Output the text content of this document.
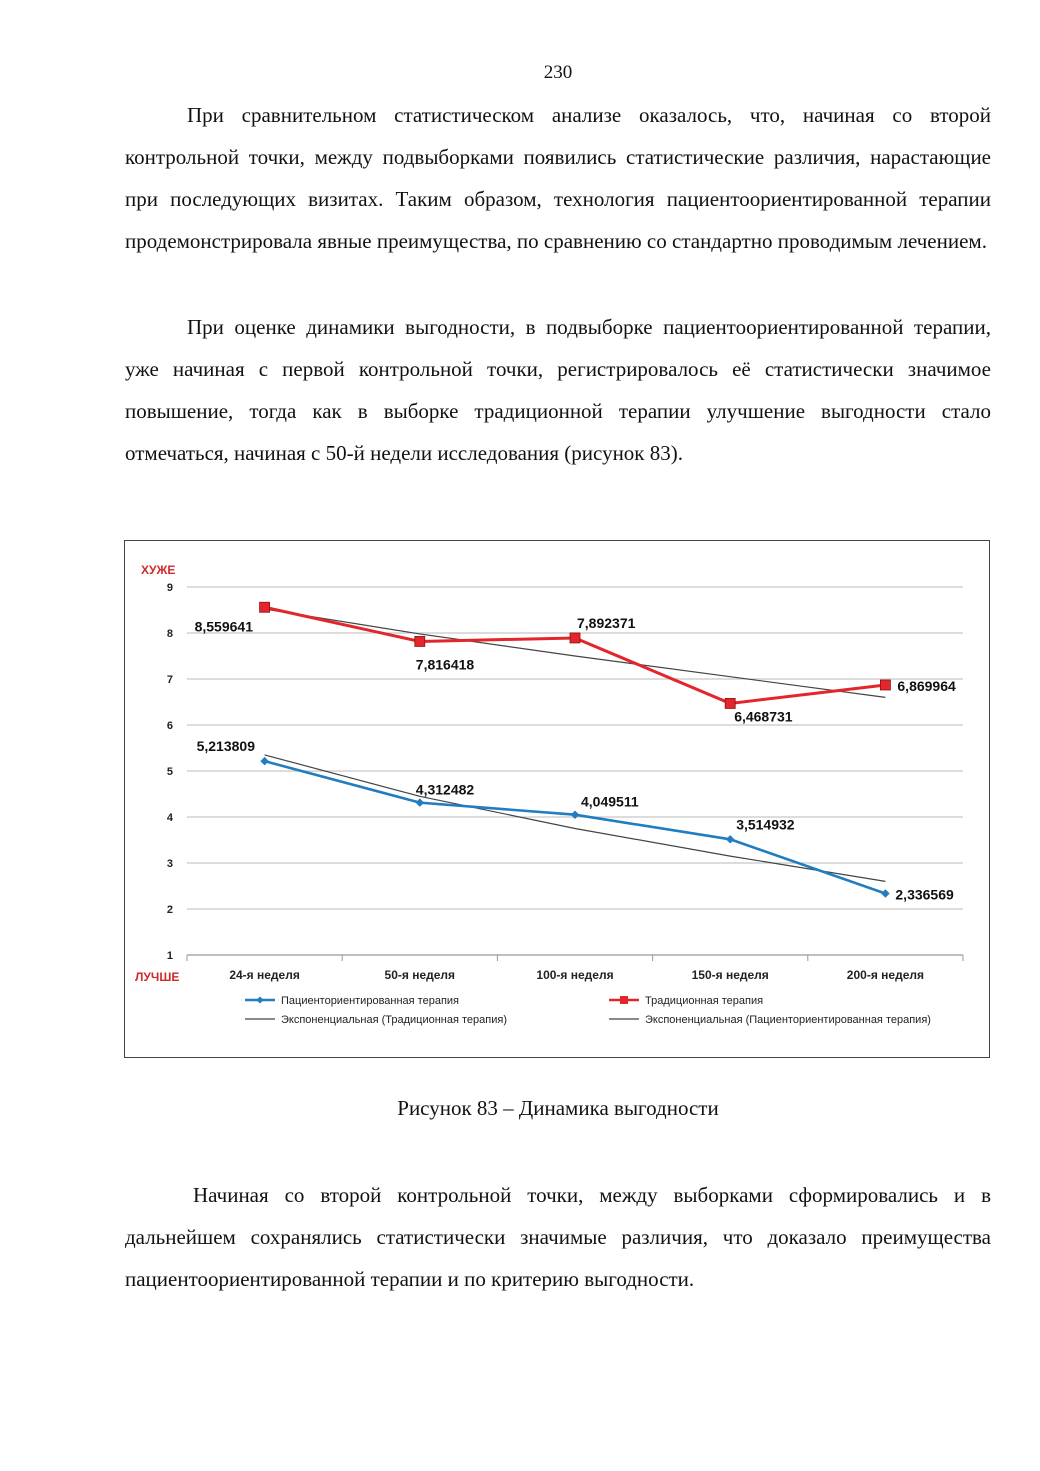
230

При сравнительном статистическом анализе оказалось, что, начиная со второй контрольной точки, между подвыборками появились статистические различия, нарастающие при последующих визитах. Таким образом, технология пациентоориентированной терапии продемонстрировала явные преимущества, по сравнению со стандартно проводимым лечением.

При оценке динамики выгодности, в подвыборке пациентоориентированной терапии, уже начиная с первой контрольной точки, регистрировалось её статистически значимое повышение, тогда как в выборке традиционной терапии улучшение выгодности стало отмечаться, начиная с 50-й недели исследования (рисунок 83).

1
2
3
4
5
6
7
8
9
24-я неделя	50-я неделя	100-я неделя	150-я неделя	200-я неделя
ХУЖЕ
ЛУЧШЕ
5,213809
4,312482
4,049511
3,514932
2,336569
8,559641
7,816418
7,892371
6,468731
6,869964
Пациенториентированная терапия	Традиционная терапия
Экспоненциальная (Традиционная терапия)	Экспоненциальная (Пациенториентированная терапия)
Рисунок 83 – Динамика выгодности

Начиная со второй контрольной точки, между выборками сформировались и в дальнейшем сохранялись статистически значимые различия, что доказало преимущества пациентоориентированной терапии и по критерию выгодности.
